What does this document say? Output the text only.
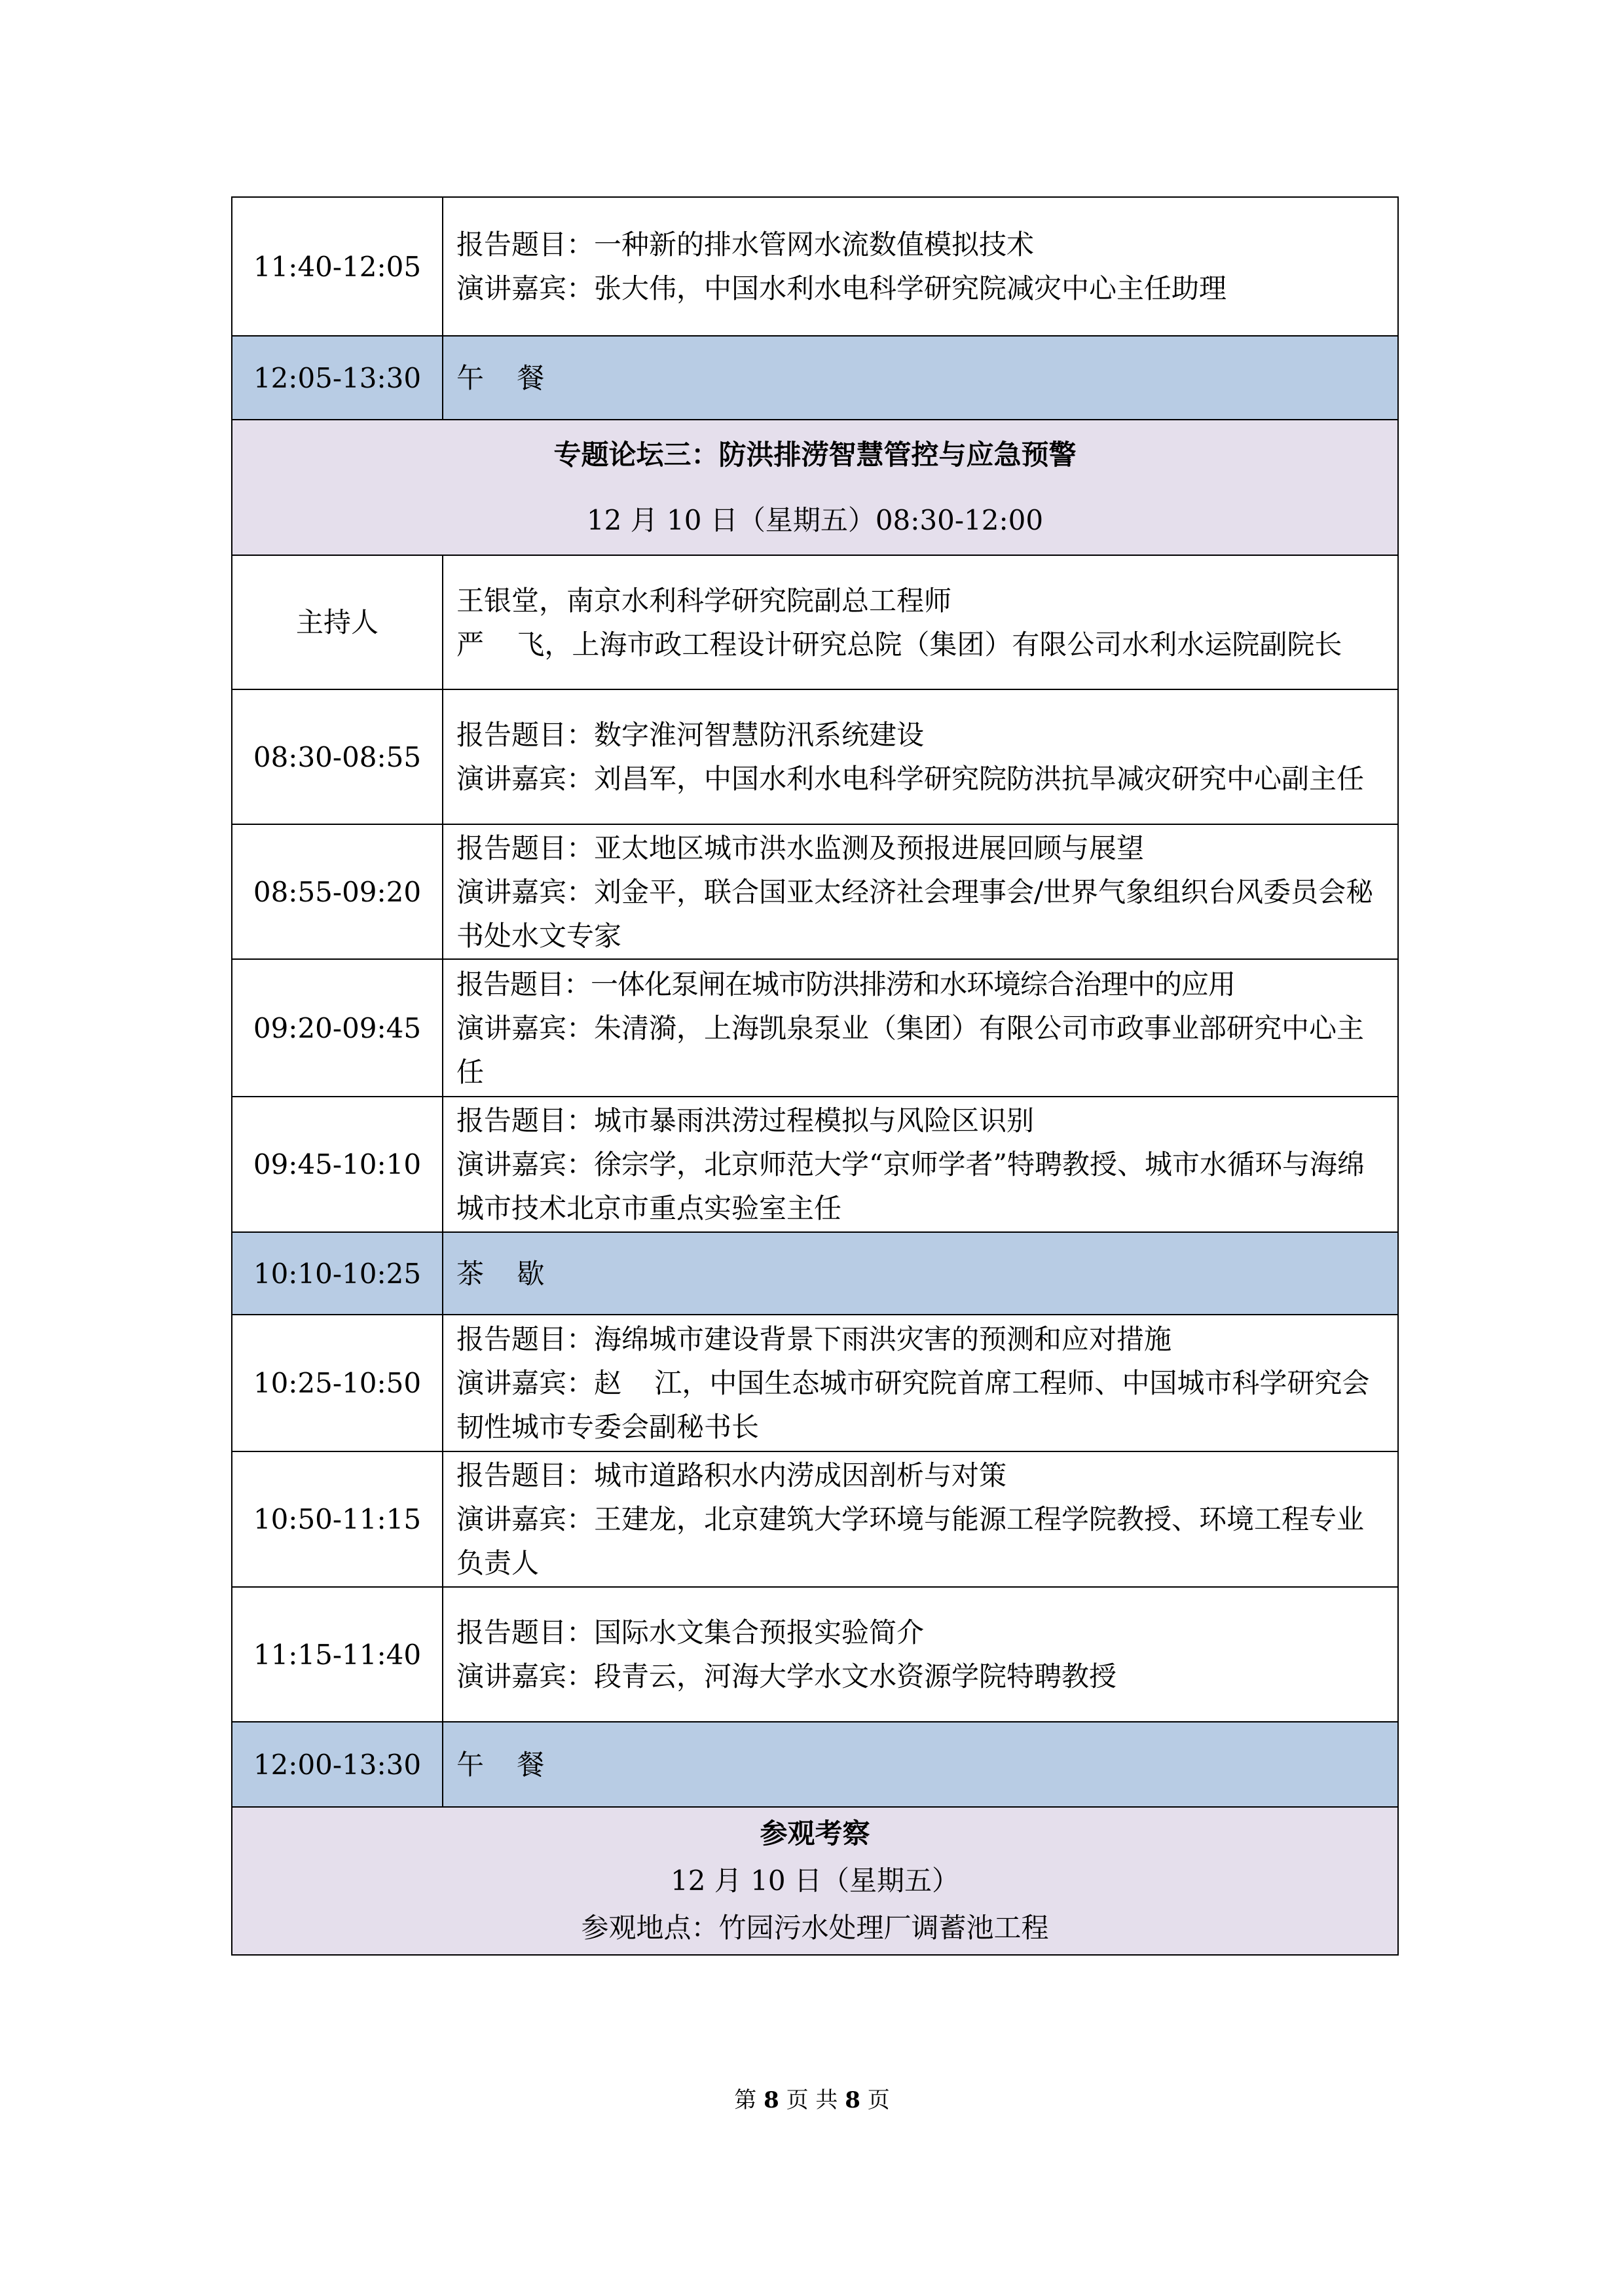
11:40-12:05	报告题目：一种新的排水管网水流数值模拟技术
演讲嘉宾：张大伟，中国水利水电科学研究院减灾中心主任助理

12:05-13:30	午 餐

专题论坛三：防洪排涝智慧管控与应急预警
12 月 10 日（星期五）08:30-12:00	

主持人	王银堂，南京水利科学研究院副总工程师
严 飞，上海市政工程设计研究总院（集团）有限公司水利水运院副院长
08:30-08:55	报告题目：数字淮河智慧防汛系统建设
演讲嘉宾：刘昌军，中国水利水电科学研究院防洪抗旱减灾研究中心副主任
08:55-09:20	报告题目：亚太地区城市洪水监测及预报进展回顾与展望
演讲嘉宾：刘金平，联合国亚太经济社会理事会/世界气象组织台风委员会秘书处水文专家
09:20-09:45	报告题目：一体化泵闸在城市防洪排涝和水环境综合治理中的应用
演讲嘉宾：朱清漪，上海凯泉泵业（集团）有限公司市政事业部研究中心主任
09:45-10:10	报告题目：城市暴雨洪涝过程模拟与风险区识别
演讲嘉宾：徐宗学，北京师范大学“京师学者”特聘教授、城市水循环与海绵城市技术北京市重点实验室主任
10:10-10:25	茶 歇
10:25-10:50	报告题目：海绵城市建设背景下雨洪灾害的预测和应对措施
演讲嘉宾：赵 江，中国生态城市研究院首席工程师、中国城市科学研究会韧性城市专委会副秘书长
10:50-11:15	报告题目：城市道路积水内涝成因剖析与对策
演讲嘉宾：王建龙，北京建筑大学环境与能源工程学院教授、环境工程专业负责人
11:15-11:40	报告题目：国际水文集合预报实验简介
演讲嘉宾：段青云，河海大学水文水资源学院特聘教授

12:00-13:30	午 餐

参观考察
12 月 10 日（星期五）
参观地点：竹园污水处理厂调蓄池工程	
第 8 页 共 8 页
